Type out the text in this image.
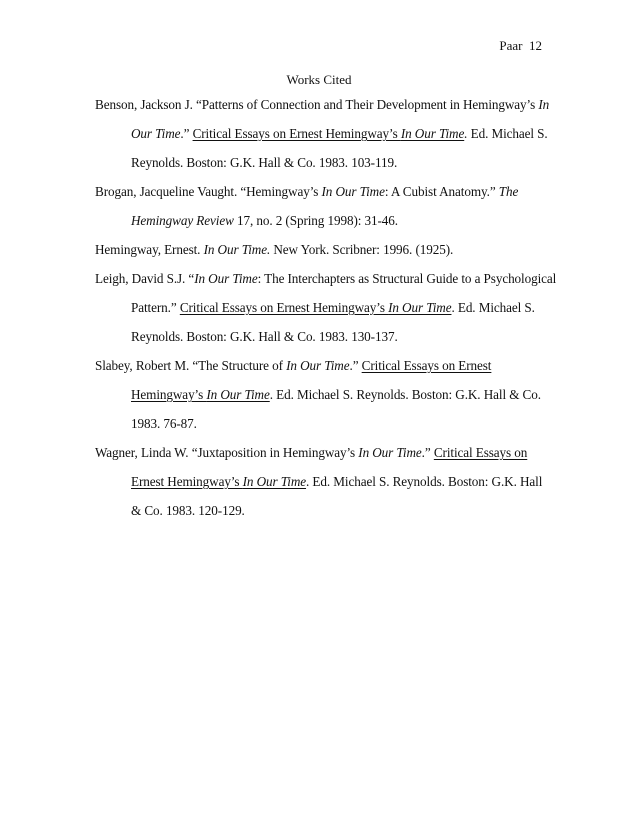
Paar 12
Works Cited
Benson, Jackson J. “Patterns of Connection and Their Development in Hemingway’s In
Our Time.” Critical Essays on Ernest Hemingway’s In Our Time. Ed. Michael S.
Reynolds. Boston: G.K. Hall & Co. 1983. 103-119.
Brogan, Jacqueline Vaught. “Hemingway’s In Our Time: A Cubist Anatomy.” The
Hemingway Review 17, no. 2 (Spring 1998): 31-46.
Hemingway, Ernest. In Our Time. New York. Scribner: 1996. (1925).
Leigh, David S.J. “In Our Time: The Interchapters as Structural Guide to a Psychological
Pattern.” Critical Essays on Ernest Hemingway’s In Our Time. Ed. Michael S.
Reynolds. Boston: G.K. Hall & Co. 1983. 130-137.
Slabey, Robert M. “The Structure of In Our Time.” Critical Essays on Ernest
Hemingway’s In Our Time. Ed. Michael S. Reynolds. Boston: G.K. Hall & Co.
1983. 76-87.
Wagner, Linda W. “Juxtaposition in Hemingway’s In Our Time.” Critical Essays on
Ernest Hemingway’s In Our Time. Ed. Michael S. Reynolds. Boston: G.K. Hall
& Co. 1983. 120-129.
